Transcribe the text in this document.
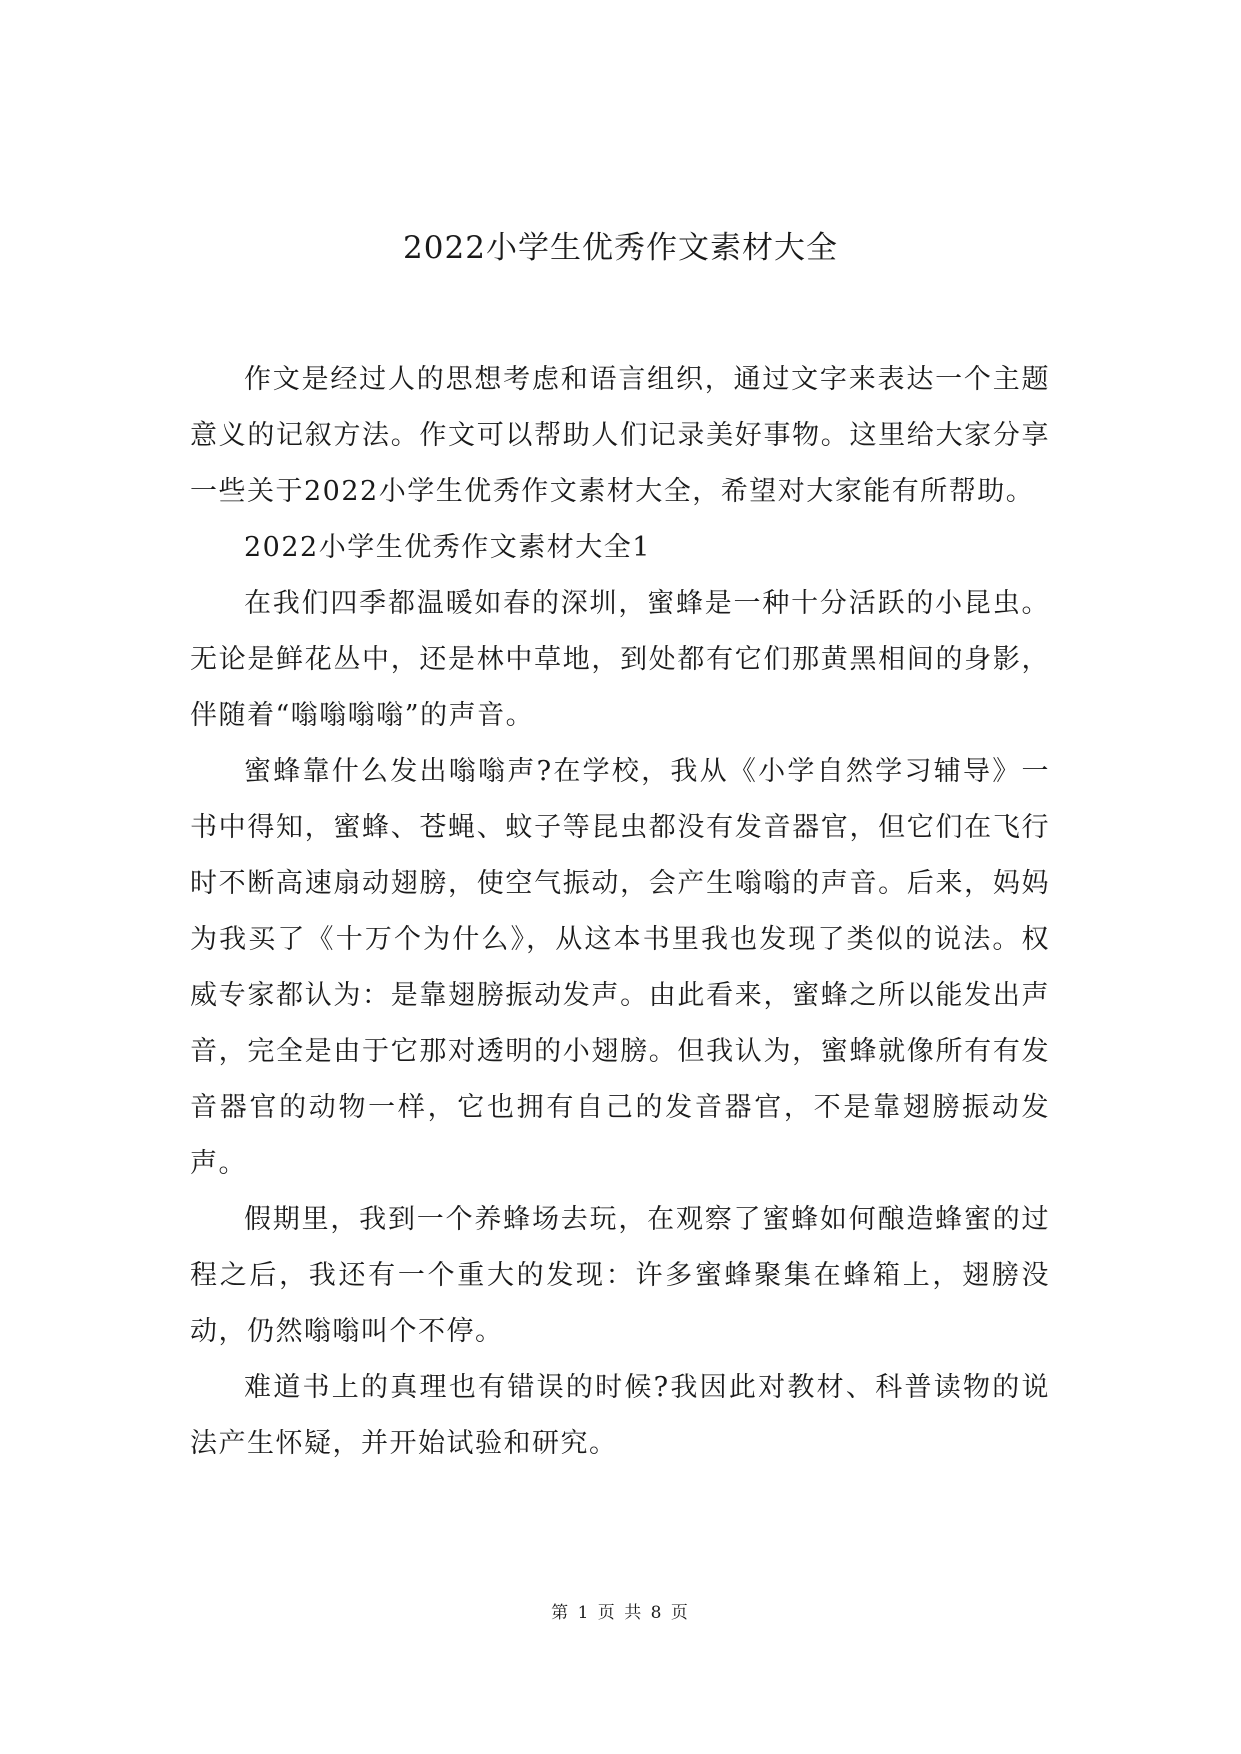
2022小学生优秀作文素材大全

作文是经过人的思想考虑和语言组织，通过文字来表达一个主题意义的记叙方法。作文可以帮助人们记录美好事物。这里给大家分享一些关于2022小学生优秀作文素材大全，希望对大家能有所帮助。

2022小学生优秀作文素材大全1

在我们四季都温暖如春的深圳，蜜蜂是一种十分活跃的小昆虫。无论是鲜花丛中，还是林中草地，到处都有它们那黄黑相间的身影，伴随着“嗡嗡嗡嗡”的声音。

蜜蜂靠什么发出嗡嗡声?在学校，我从《小学自然学习辅导》一书中得知，蜜蜂、苍蝇、蚊子等昆虫都没有发音器官，但它们在飞行时不断高速扇动翅膀，使空气振动，会产生嗡嗡的声音。后来，妈妈为我买了《十万个为什么》，从这本书里我也发现了类似的说法。权威专家都认为：是靠翅膀振动发声。由此看来，蜜蜂之所以能发出声音，完全是由于它那对透明的小翅膀。但我认为，蜜蜂就像所有有发音器官的动物一样，它也拥有自己的发音器官，不是靠翅膀振动发声。

假期里，我到一个养蜂场去玩，在观察了蜜蜂如何酿造蜂蜜的过程之后，我还有一个重大的发现：许多蜜蜂聚集在蜂箱上，翅膀没动，仍然嗡嗡叫个不停。

难道书上的真理也有错误的时候?我因此对教材、科普读物的说法产生怀疑，并开始试验和研究。

第 1 页 共 8 页
